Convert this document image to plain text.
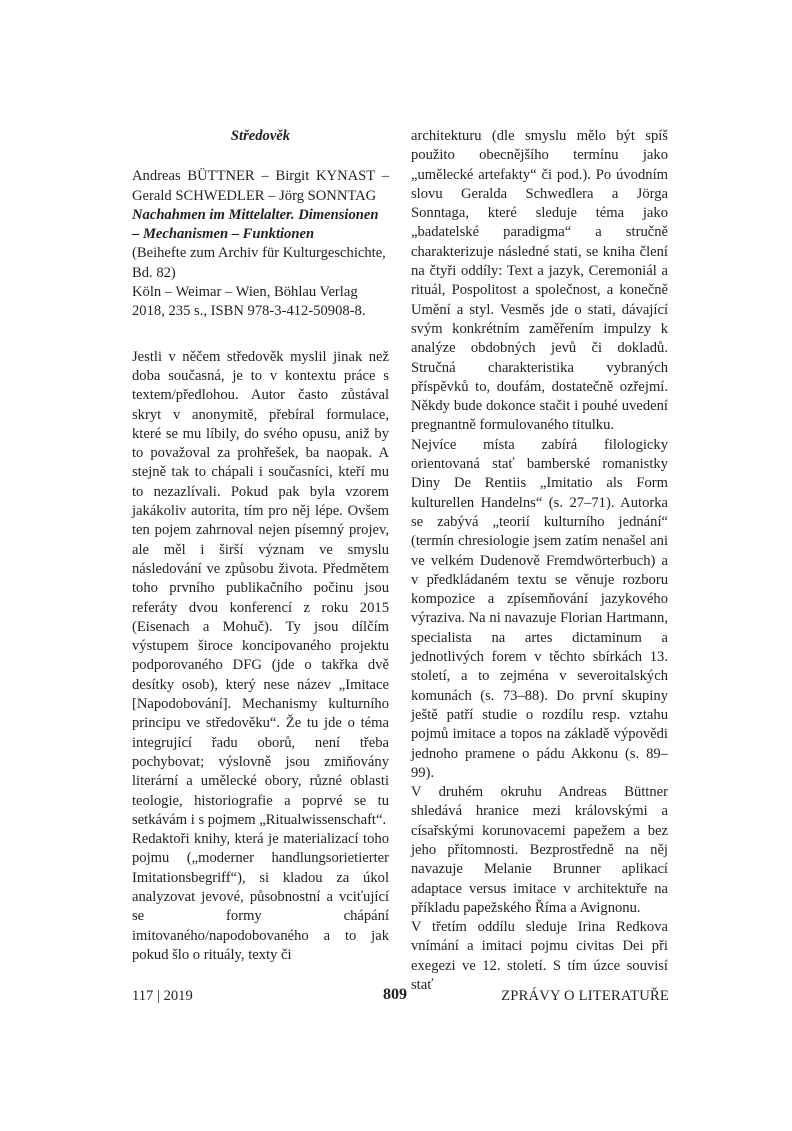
Středověk
Andreas BÜTTNER – Birgit KYNAST – Gerald SCHWEDLER – Jörg SONNTAG
Nachahmen im Mittelalter. Dimensionen – Mechanismen – Funktionen
(Beihefte zum Archiv für Kulturgeschichte, Bd. 82)
Köln – Weimar – Wien, Böhlau Verlag 2018, 235 s., ISBN 978-3-412-50908-8.

Jestli v něčem středověk myslil jinak než doba současná, je to v kontextu práce s textem/předlohou. Autor často zůstával skryt v anonymitě, přebíral formulace, které se mu líbily, do svého opusu, aniž by to považoval za prohřešek, ba naopak. A stejně tak to chápali i současníci, kteří mu to nezazlívali. Pokud pak byla vzorem jakákoliv autorita, tím pro něj lépe. Ovšem ten pojem zahrnoval nejen písemný projev, ale měl i širší význam ve smyslu následování ve způsobu života. Předmětem toho prvního publikačního počinu jsou referáty dvou konferencí z roku 2015 (Eisenach a Mohuč). Ty jsou dílčím výstupem široce koncipovaného projektu podporovaného DFG (jde o takřka dvě desítky osob), který nese název „Imitace [Napodobování]. Mechanismy kulturního principu ve středověku“. Že tu jde o téma integrující řadu oborů, není třeba pochybovat; výslovně jsou zmiňovány literární a umělecké obory, různé oblasti teologie, historiografie a poprvé se tu setkávám i s pojmem „Ritualwissenschaft“.

Redaktoři knihy, která je materializací toho pojmu („moderner handlungsorietierter Imitationsbegriff“), si kladou za úkol analyzovat jevové, působnostní a vciťující se formy chápání imitovaného/napodobovaného a to jak pokud šlo o rituály, texty či

architekturu (dle smyslu mělo být spíš použito obecnějšího termínu jako „umělecké artefakty“ či pod.). Po úvodním slovu Geralda Schwedlera a Jörga Sonntaga, které sleduje téma jako „badatelské paradigma“ a stručně charakterizuje následné stati, se kniha člení na čtyři oddíly: Text a jazyk, Ceremoniál a rituál, Pospolitost a společnost, a konečně Umění a styl. Vesměs jde o stati, dávající svým konkrétním zaměřením impulzy k analýze obdobných jevů či dokladů. Stručná charakteristika vybraných příspěvků to, doufám, dostatečně ozřejmí. Někdy bude dokonce stačit i pouhé uvedení pregnantně formulovaného titulku.

Nejvíce místa zabírá filologicky orientovaná stať bamberské romanistky Diny De Rentiis „Imitatio als Form kulturellen Handelns“ (s. 27–71). Autorka se zabývá „teorií kulturního jednání“ (termín chresiologie jsem zatím nenašel ani ve velkém Dudenově Fremdwörterbuch) a v předkládaném textu se věnuje rozboru kompozice a zpísemňování jazykového výraziva. Na ni navazuje Florian Hartmann, specialista na artes dictaminum a jednotlivých forem v těchto sbírkách 13. století, a to zejména v severoitalských komunách (s. 73–88). Do první skupiny ještě patří studie o rozdílu resp. vztahu pojmů imitace a topos na základě výpovědi jednoho pramene o pádu Akkonu (s. 89–99).

V druhém okruhu Andreas Büttner shledává hranice mezi královskými a císařskými korunovacemi papežem a bez jeho přítomnosti. Bezprostředně na něj navazuje Melanie Brunner aplikací adaptace versus imitace v architektuře na příkladu papežského Říma a Avignonu.

V třetím oddílu sleduje Irina Redkova vnímání a imitaci pojmu civitas Dei při exegezi ve 12. století. S tím úzce souvisí stať

117 | 2019	809	ZPRÁVY O LITERATUŘE
